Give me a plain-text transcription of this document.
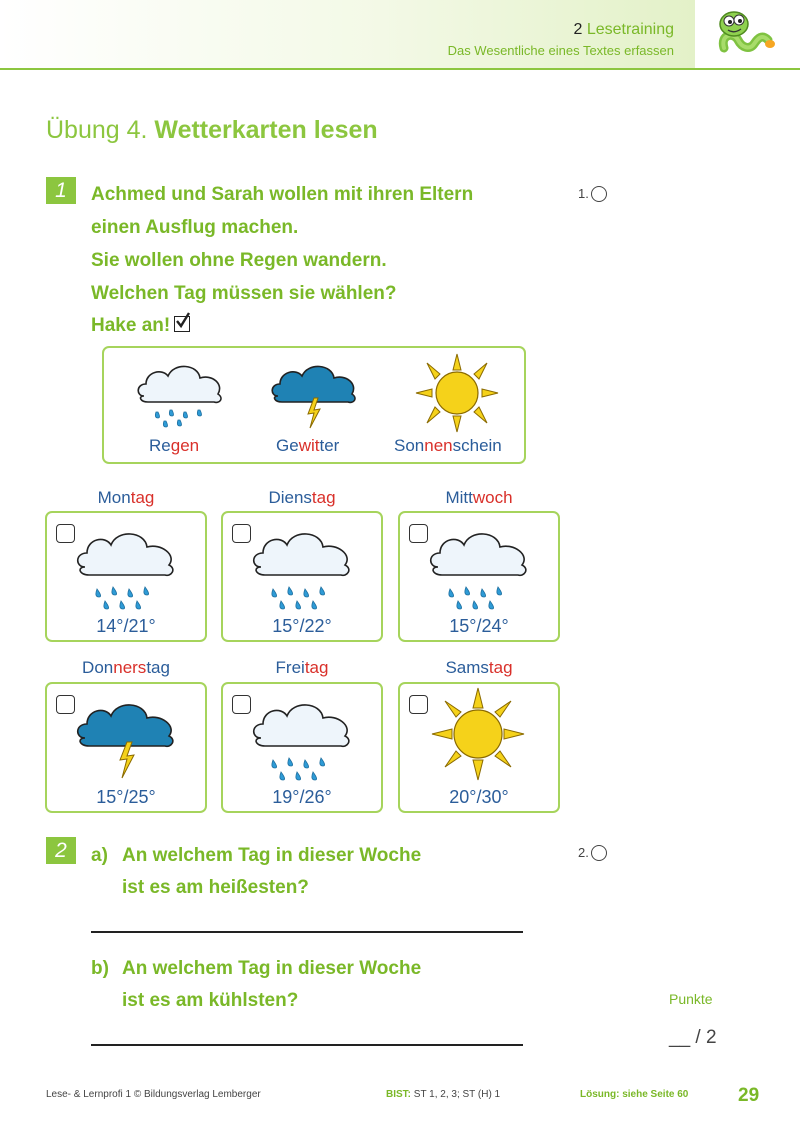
2 Lesetraining
Das Wesentliche eines Textes erfassen
Übung 4. Wetterkarten lesen
1	Achmed und Sarah wollen mit ihren Eltern
einen Ausflug machen.
Sie wollen ohne Regen wandern.
Welchen Tag müssen sie wählen?
Hake an!
1.
Regen	Gewitter	Sonnenschein
Montag	Dienstag	Mittwoch
Donnerstag	Freitag	Samstag
14°/21°	15°/22°	15°/24°
15°/25°	19°/26°	20°/30°
2	a) An welchem Tag in dieser Woche
ist es am heißesten?
2.
b) An welchem Tag in dieser Woche
ist es am kühlsten?	Punkte
__ / 2
Lese- & Lernprofi 1 © Bildungsverlag Lemberger	BIST: ST 1, 2, 3; ST (H) 1	Lösung: siehe Seite 60	29
